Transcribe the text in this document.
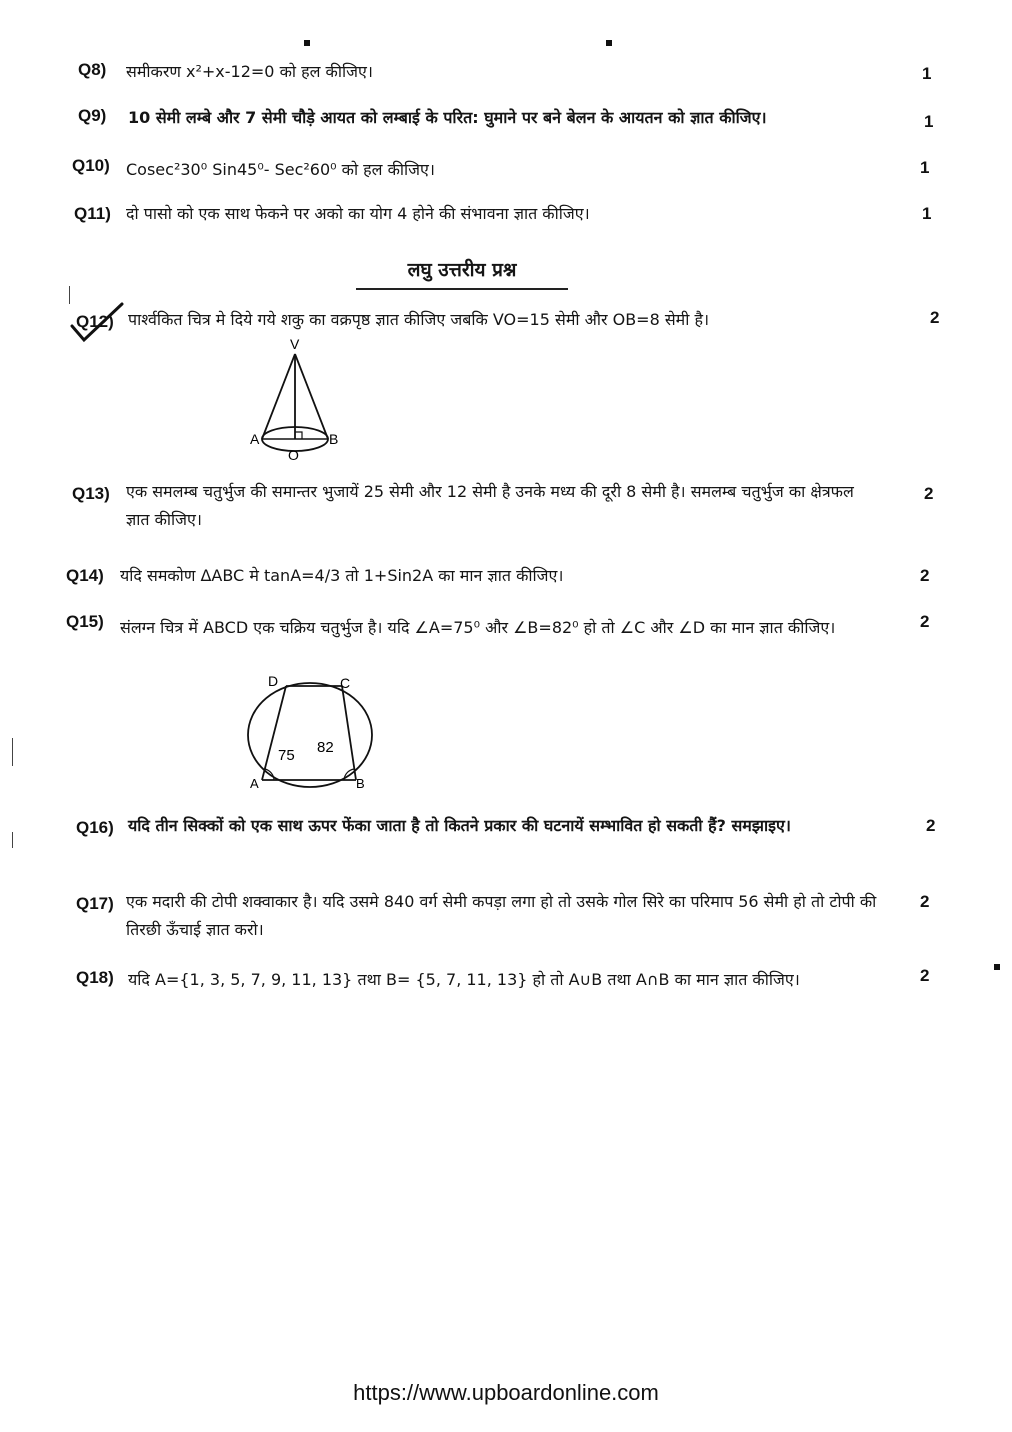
Q8) समीकरण x²+x-12=0 को हल कीजिए।	1
Q9) 10 सेमी लम्बे और 7 सेमी चौड़े आयत को लम्बाई के परित: घुमाने पर बने बेलन के आयतन को ज्ञात कीजिए।	1
Q10) Cosec²30⁰ Sin45⁰- Sec²60⁰ को हल कीजिए।	1
Q11) दो पासो को एक साथ फेकने पर अको का योग 4 होने की संभावना ज्ञात कीजिए।	1
लघु उत्तरीय प्रश्न
Q12) पार्श्वकित चित्र मे दिये गये शकु का वक्रपृष्ठ ज्ञात कीजिए जबकि VO=15 सेमी और OB=8 सेमी है।	2
V
A	B
O
Q13) एक समलम्ब चतुर्भुज की समान्तर भुजायें 25 सेमी और 12 सेमी है उनके मध्य की दूरी 8 सेमी है। समलम्ब चतुर्भुज का क्षेत्रफल ज्ञात कीजिए।
2
Q14) यदि समकोण ΔABC मे tanA=4/3 तो 1+Sin2A का मान ज्ञात कीजिए।	2
Q15) संलग्न चित्र में ABCD एक चक्रिय चतुर्भुज है। यदि ∠A=75⁰ और ∠B=82⁰ हो तो ∠C और ∠D का मान ज्ञात कीजिए।	2
D	C
A	B
75 82
Q16) यदि तीन सिक्कों को एक साथ ऊपर फेंका जाता है तो कितने प्रकार की घटनायें सम्भावित हो सकती हैं? समझाइए।	2
Q17) एक मदारी की टोपी शक्वाकार है। यदि उसमे 840 वर्ग सेमी कपड़ा लगा हो तो उसके गोल सिरे का परिमाप 56 सेमी हो तो टोपी की तिरछी ऊँचाई ज्ञात करो।
2
Q18) यदि A={1, 3, 5, 7, 9, 11, 13} तथा B= {5, 7, 11, 13} हो तो A∪B तथा A∩B का मान ज्ञात कीजिए।	2
https://www.upboardonline.com
